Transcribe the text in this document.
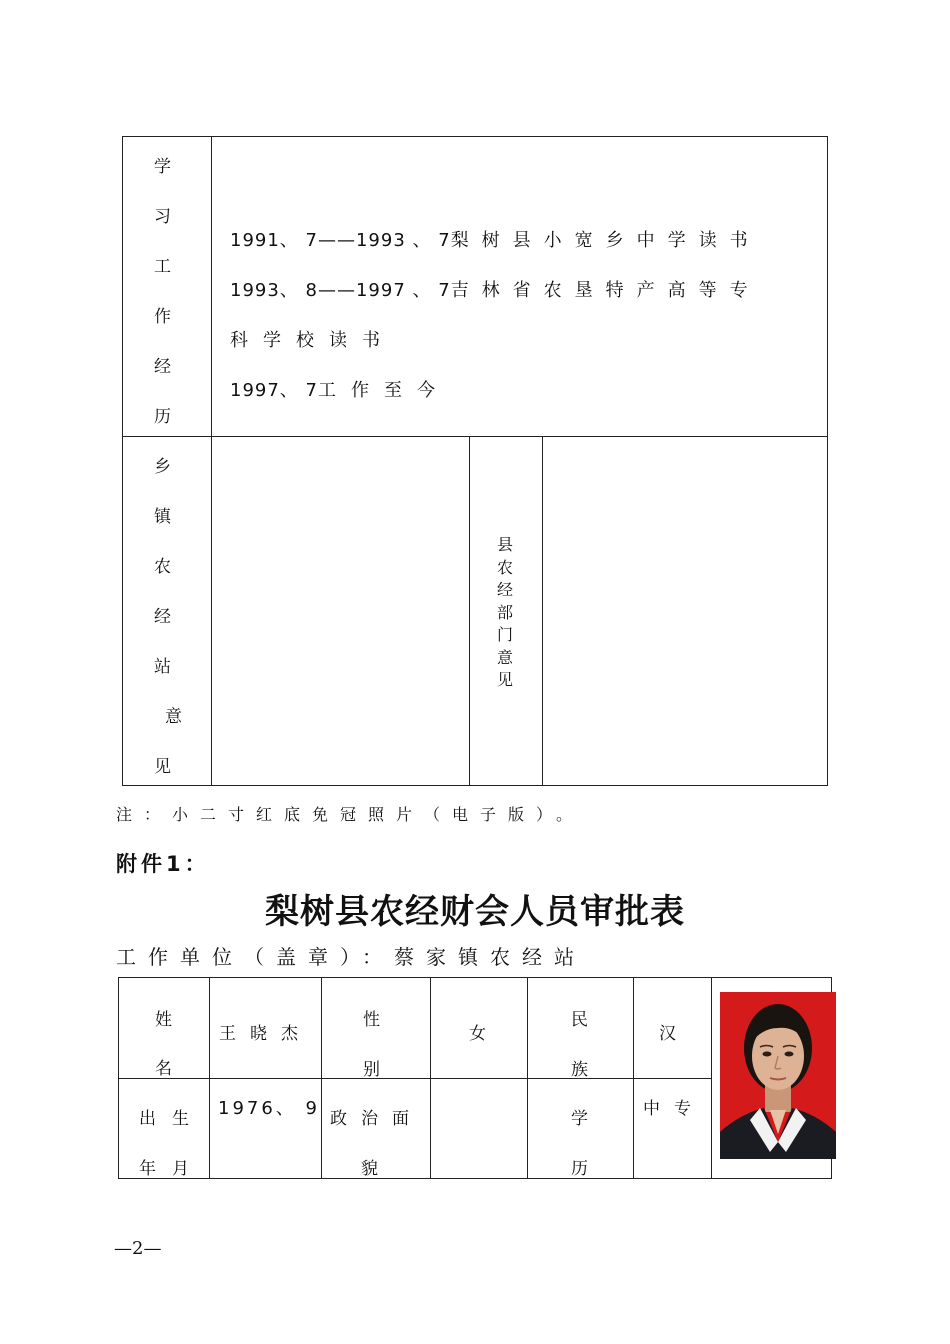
学
习
工
作
经
历
1991、 7——1993 、 7梨树县小宽乡中学读书
1993、 8——1997 、 7吉林省农垦特产高等专
科学校读书
1997、 7工作至今
乡
镇
农
经
站
意
见
县
农
经
部
门
意
见
注：小二寸红底免冠照片（电子版）。
附件1：
梨树县农经财会人员审批表
工作单位（盖章）：蔡家镇农经站
姓
名
王晓杰
性
别
女
民
族
汉
出生
年月
1976、 9 政治面
貌
学
历
中专
—2—
